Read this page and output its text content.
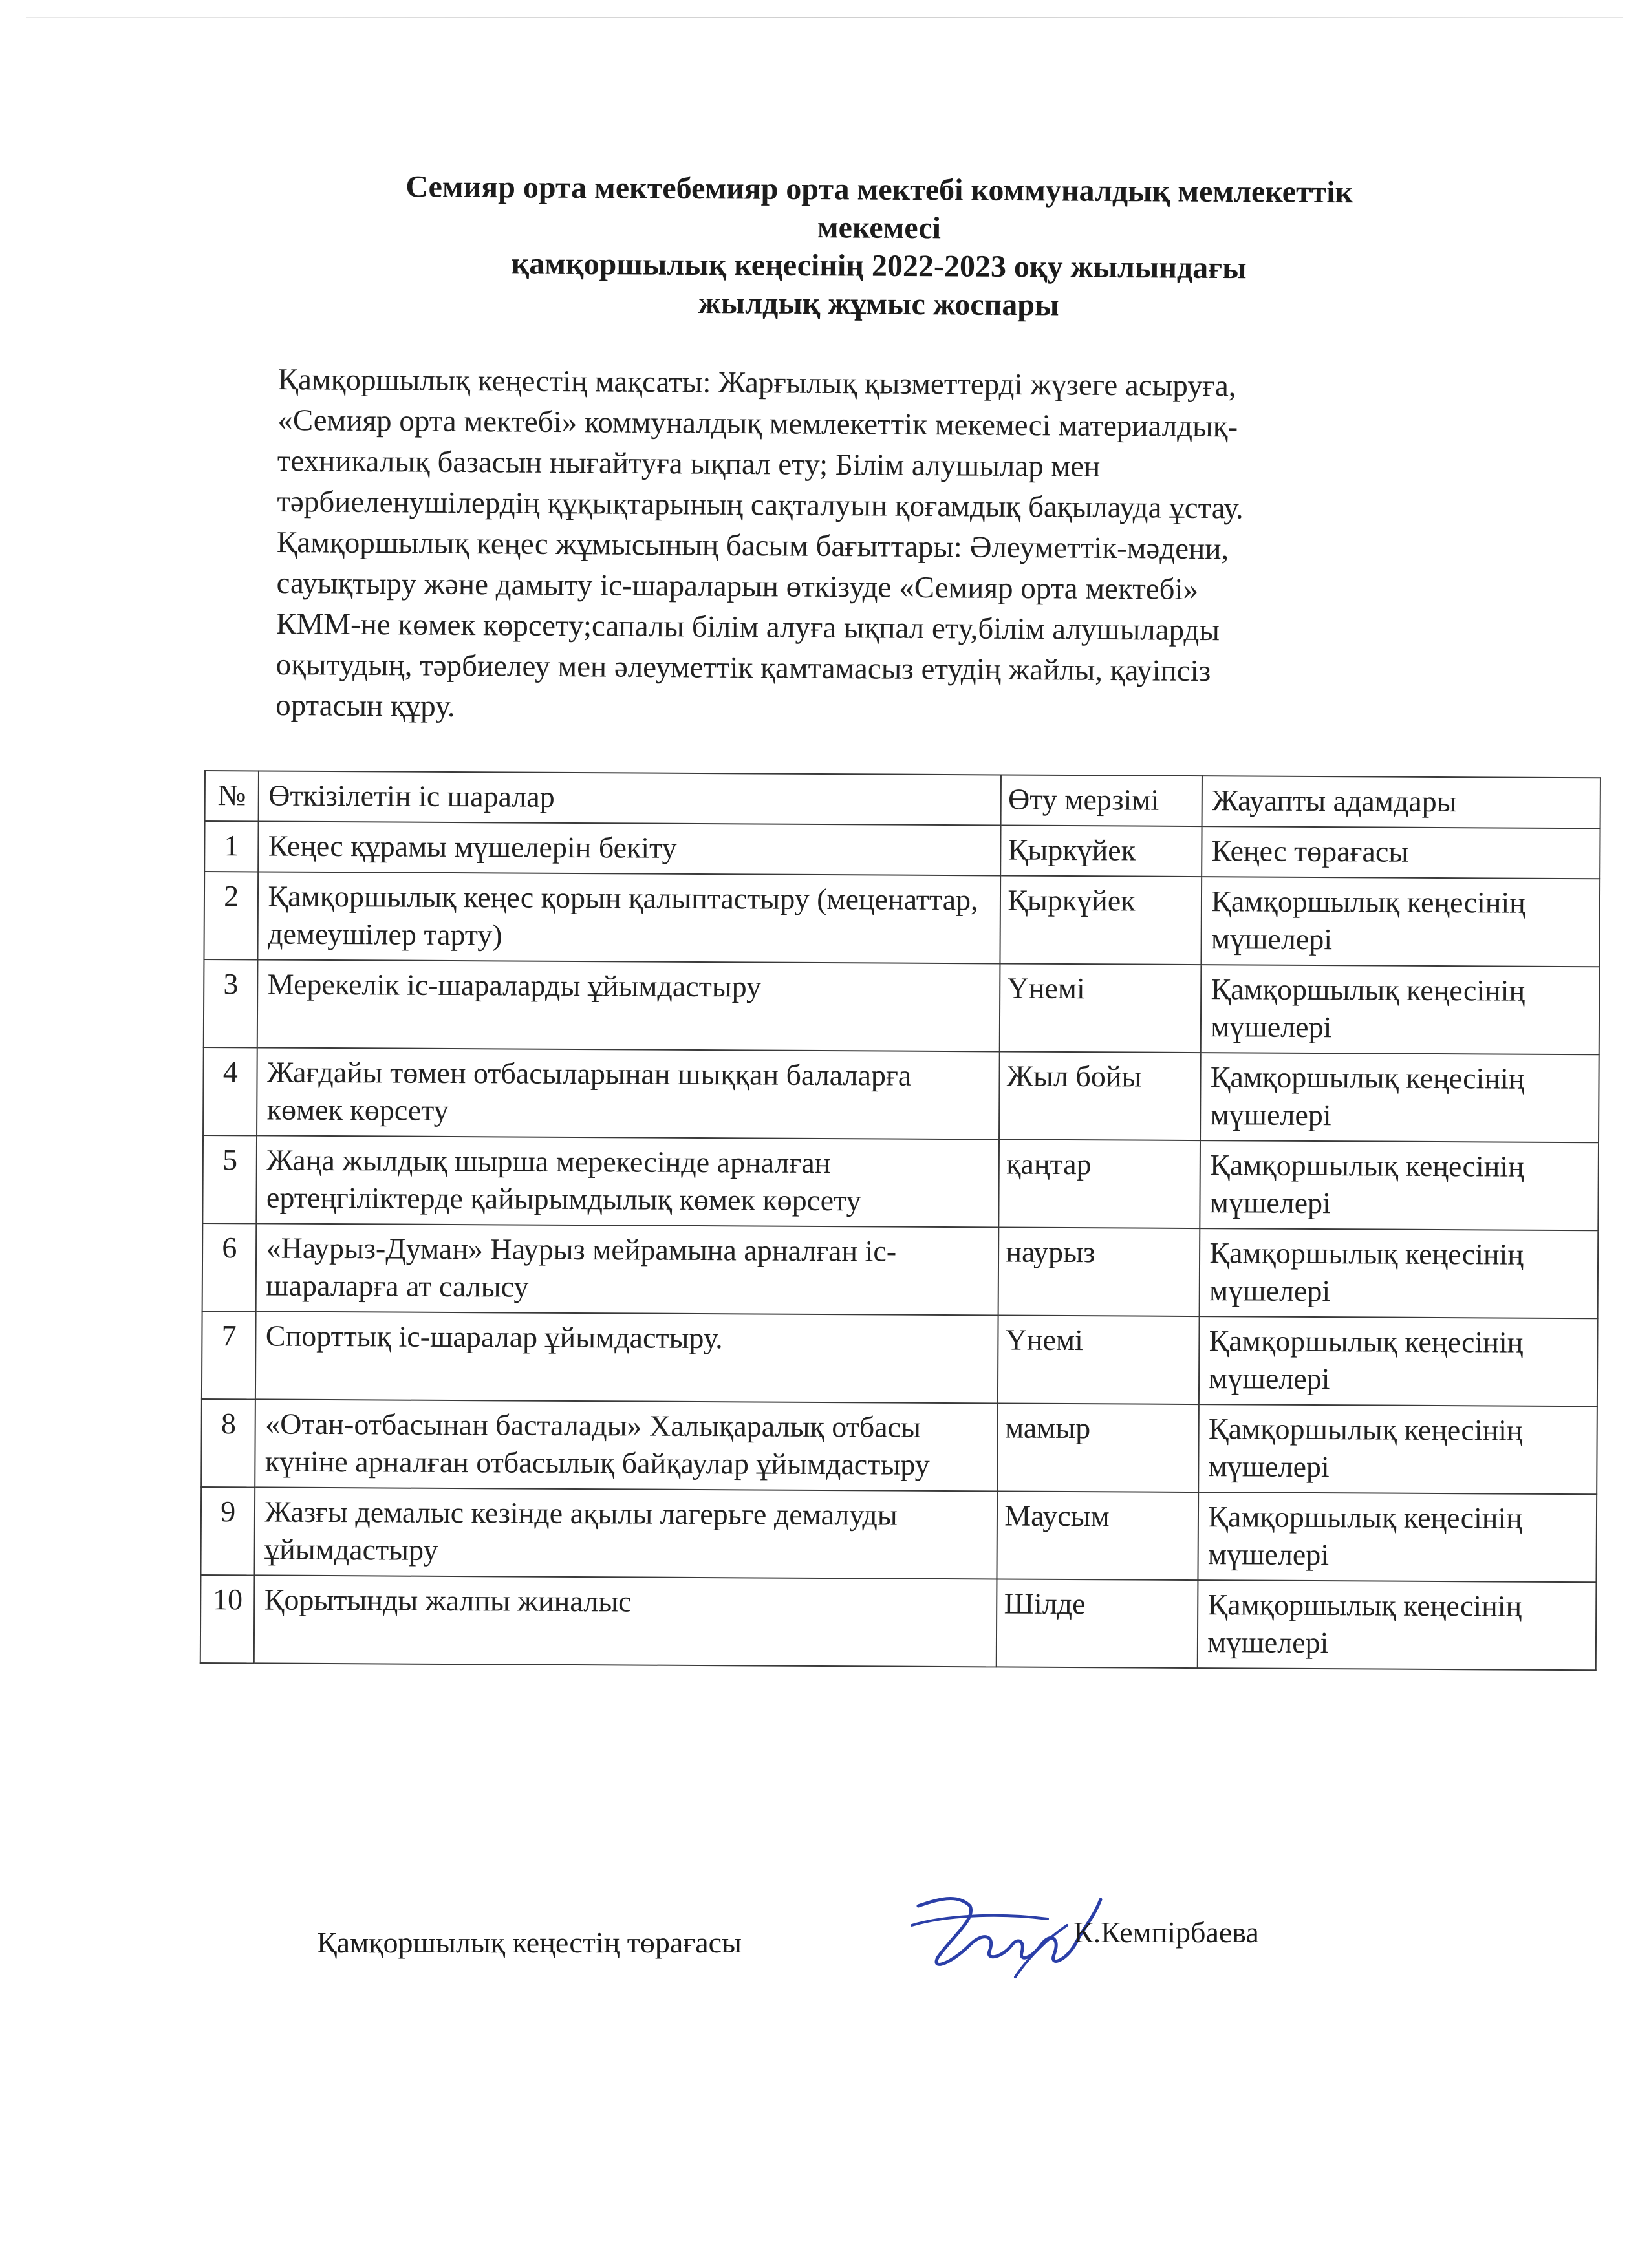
Семияр орта мектебемияр орта мектебі коммуналдық мемлекеттік
мекемесі
қамқоршылық кеңесінің 2022-2023 оқу жылындағы
жылдық жұмыс жоспары
Қамқоршылық кеңестің мақсаты: Жарғылық қызметтерді жүзеге асыруға,
«Семияр орта мектебі» коммуналдық мемлекеттік мекемесі материалдық-
техникалық базасын нығайтуға ықпал ету; Білім алушылар мен
тәрбиеленушілердің құқықтарының сақталуын қоғамдық бақылауда ұстау.
Қамқоршылық кеңес жұмысының басым бағыттары: Әлеуметтік-мәдени,
сауықтыру және дамыту іс-шараларын өткізуде «Семияр орта мектебі»
КММ-не көмек көрсету;сапалы білім алуға ықпал ету,білім алушыларды
оқытудың, тәрбиелеу мен әлеуметтік қамтамасыз етудің жайлы, қауіпсіз
ортасын құру.
№	Өткізілетін іс шаралар	Өту мерзімі	Жауапты адамдары
1	Кеңес құрамы мүшелерін бекіту	Қыркүйек	Кеңес төрағасы
2	Қамқоршылық кеңес қорын қалыптастыру (меценаттар, демеушілер тарту)	Қыркүйек	Қамқоршылық кеңесінің мүшелері
3	Мерекелік іс-шараларды ұйымдастыру	Үнемі	Қамқоршылық кеңесінің мүшелері
4	Жағдайы төмен отбасыларынан шыққан балаларға көмек көрсету	Жыл бойы	Қамқоршылық кеңесінің мүшелері
5	Жаңа жылдық шырша мерекесінде арналған ертеңгіліктерде қайырымдылық көмек көрсету	қаңтар	Қамқоршылық кеңесінің мүшелері
6	«Наурыз-Думан» Наурыз мейрамына арналған іс-шараларға ат салысу	наурыз	Қамқоршылық кеңесінің мүшелері
7	Спорттық іс-шаралар ұйымдастыру.	Үнемі	Қамқоршылық кеңесінің мүшелері
8	«Отан-отбасынан басталады» Халықаралық отбасы күніне арналған отбасылық байқаулар ұйымдастыру	мамыр	Қамқоршылық кеңесінің мүшелері
9	Жазғы демалыс кезінде ақылы лагерьге демалуды ұйымдастыру	Маусым	Қамқоршылық кеңесінің мүшелері
10	Қорытынды жалпы жиналыс	Шілде	Қамқоршылық кеңесінің мүшелері
Қамқоршылық кеңестің төрағасы	К.Кемпірбаева
